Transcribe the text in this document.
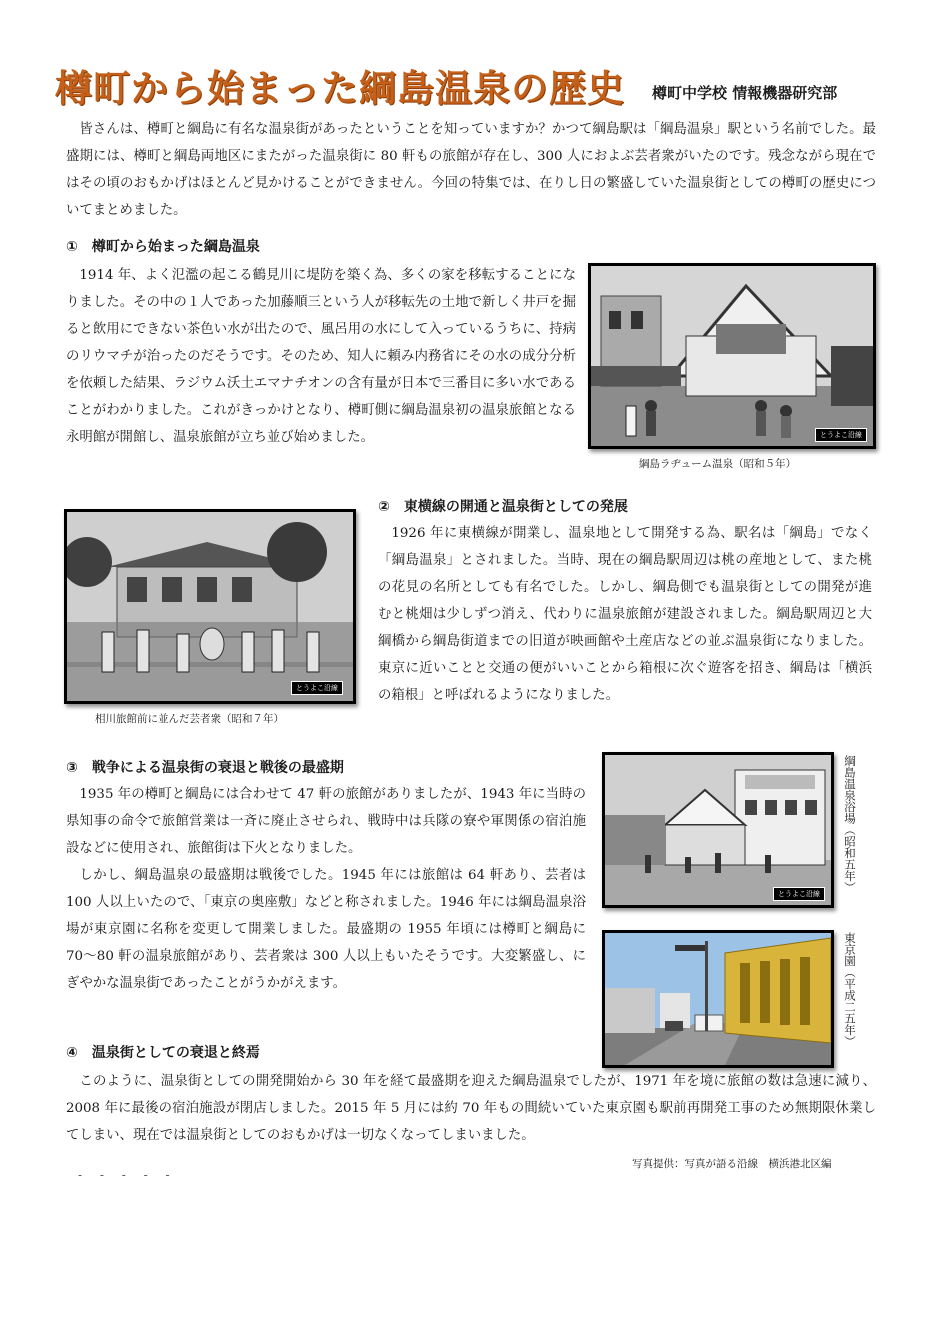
樽町から始まった綱島温泉の歴史 樽町中学校 情報機器研究部
皆さんは、樽町と綱島に有名な温泉街があったということを知っていますか？かつて綱島駅は「綱島温泉」駅という名前でした。最盛期には、樽町と綱島両地区にまたがった温泉街に 80 軒もの旅館が存在し、300 人におよぶ芸者衆がいたのです。残念ながら現在ではその頃のおもかげはほとんど見かけることができません。今回の特集では、在りし日の繁盛していた温泉街としての樽町の歴史についてまとめました。
①　樽町から始まった綱島温泉
1914 年、よく氾濫の起こる鶴見川に堤防を築く為、多くの家を移転することになりました。その中の１人であった加藤順三という人が移転先の土地で新しく井戸を掘ると飲用にできない茶色い水が出たので、風呂用の水にして入っているうちに、持病のリウマチが治ったのだそうです。そのため、知人に頼み内務省にその水の成分分析を依頼した結果、ラジウム沃土エマナチオンの含有量が日本で三番目に多い水であることがわかりました。これがきっかけとなり、樽町側に綱島温泉初の温泉旅館となる永明館が開館し、温泉旅館が立ち並び始めました。	とうよこ沿線
綱島ラヂューム温泉（昭和５年）
②　東横線の開通と温泉街としての発展
1926 年に東横線が開業し、温泉地として開発する為、駅名は「綱島」でなく「綱島温泉」とされました。当時、現在の綱島駅周辺は桃の産地として、また桃の花見の名所としても有名でした。しかし、綱島側でも温泉街としての開発が進むと桃畑は少しずつ消え、代わりに温泉旅館が建設されました。綱島駅周辺と大綱橋から綱島街道までの旧道が映画館や土産店などの並ぶ温泉街になりました。東京に近いことと交通の便がいいことから箱根に次ぐ遊客を招き、綱島は「横浜の箱根」と呼ばれるようになりました。
とうよこ沿線
相川旅館前に並んだ芸者衆（昭和７年）
③　戦争による温泉街の衰退と戦後の最盛期
1935 年の樽町と綱島には合わせて 47 軒の旅館がありましたが、1943 年に当時の県知事の命令で旅館営業は一斉に廃止させられ、戦時中は兵隊の寮や軍関係の宿泊施設などに使用され、旅館街は下火となりました。
しかし、綱島温泉の最盛期は戦後でした。1945 年には旅館は 64 軒あり、芸者は 100 人以上いたので、「東京の奥座敷」などと称されました。1946 年には綱島温泉浴場が東京園に名称を変更して開業しました。最盛期の 1955 年頃には樽町と綱島に 70〜80 軒の温泉旅館があり、芸者衆は 300 人以上もいたそうです。大変繁盛し、にぎやかな温泉街であったことがうかがえます。
とうよこ沿線
綱島温泉浴場（昭和五年）
東京園（平成二五年）
④　温泉街としての衰退と終焉
このように、温泉街としての開発開始から 30 年を経て最盛期を迎えた綱島温泉でしたが、1971 年を境に旅館の数は急速に減り、2008 年に最後の宿泊施設が閉店しました。2015 年 5 月には約 70 年もの間続いていた東京園も駅前再開発工事のため無期限休業してしまい、現在では温泉街としてのおもかげは一切なくなってしまいました。
写真提供：写真が語る沿線　横浜港北区編
- - - - -
